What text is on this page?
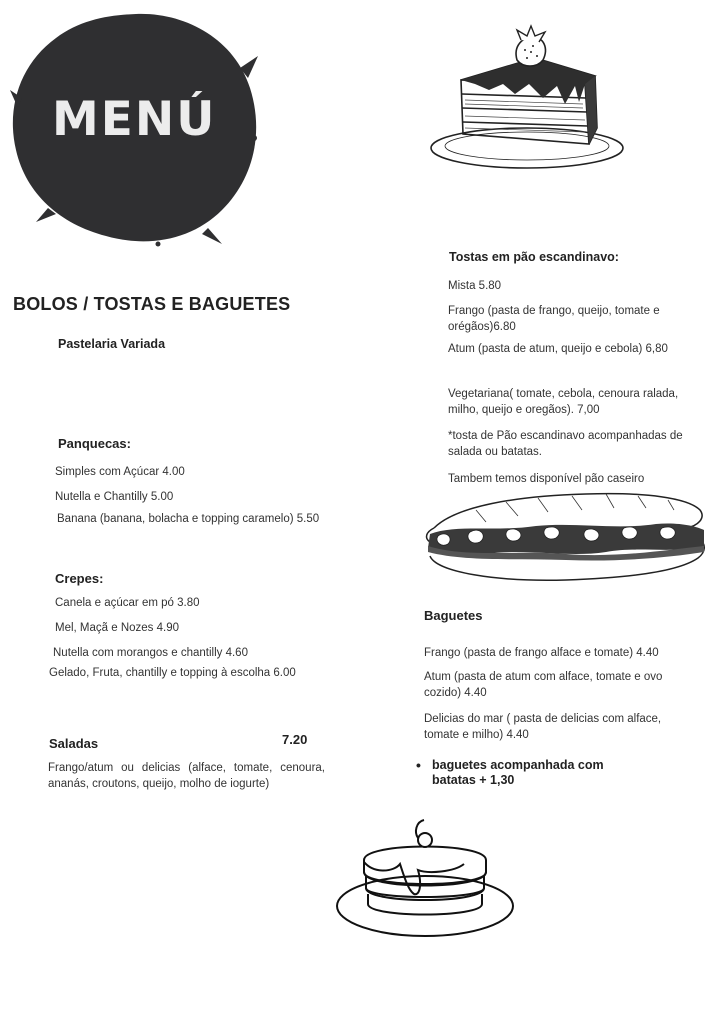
MENÚ
BOLOS / TOSTAS E BAGUETES
Pastelaria Variada
Panquecas:
Simples com Açúcar 4.00
Nutella e Chantilly 5.00
Banana (banana, bolacha e topping caramelo) 5.50
Crepes:
Canela e açúcar em pó 3.80
Mel, Maçã e Nozes 4.90
Nutella com morangos e chantilly 4.60
Gelado, Fruta, chantilly e topping à escolha 6.00
Saladas	7.20
Frango/atum ou delicias (alface, tomate, cenoura, ananás, croutons, queijo, molho de iogurte)
Tostas em pão escandinavo:
Mista 5.80
Frango (pasta de frango, queijo, tomate e orégãos)6.80
Atum (pasta de atum, queijo e cebola) 6,80
Vegetariana( tomate, cebola, cenoura ralada, milho, queijo e oregãos). 7,00
*tosta de Pão escandinavo acompanhadas de salada ou batatas.
Tambem temos disponível pão caseiro
Baguetes
Frango (pasta de frango alface e tomate) 4.40
Atum (pasta de atum com alface, tomate e ovo cozido) 4.40
Delicias do mar ( pasta de delicias com alface, tomate e milho) 4.40
• baguetes acompanhada com batatas + 1,30
